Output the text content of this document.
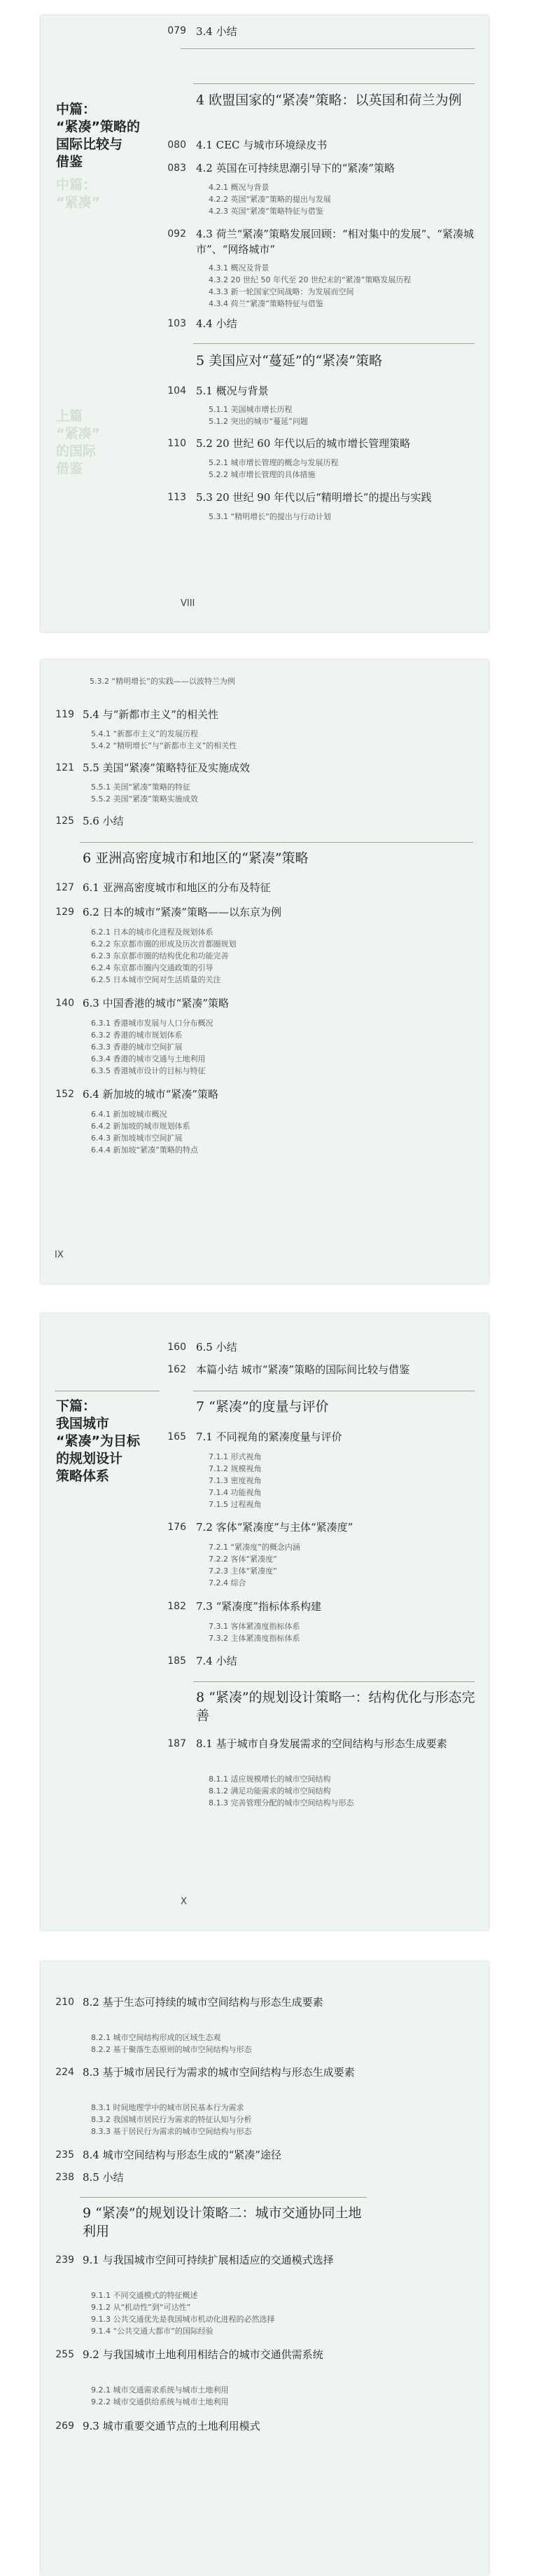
中篇：
“紧凑”
上篇
“紧凑”
的国际
借鉴
中篇：
“紧凑”策略的
国际比较与
借鉴
079 3.4 小结
4 欧盟国家的“紧凑”策略：以英国和荷兰为例
080 4.1 CEC 与城市环境绿皮书
083 4.2 英国在可持续思潮引导下的“紧凑”策略
4.2.1 概况与背景
4.2.2 英国“紧凑”策略的提出与发展
4.2.3 英国“紧凑”策略特征与借鉴
092 4.3 荷兰“紧凑”策略发展回顾：“相对集中的发展”、“紧凑城市”、“网络城市”
4.3.1 概况及背景
4.3.2 20 世纪 50 年代至 20 世纪末的“紧凑”策略发展历程
4.3.3 新一轮国家空间战略：为发展而空间
4.3.4 荷兰“紧凑”策略特征与借鉴
103 4.4 小结
5 美国应对“蔓延”的“紧凑”策略
104 5.1 概况与背景
5.1.1 美国城市增长历程
5.1.2 突出的城市“蔓延”问题
110 5.2 20 世纪 60 年代以后的城市增长管理策略
5.2.1 城市增长管理的概念与发展历程
5.2.2 城市增长管理的具体措施
113 5.3 20 世纪 90 年代以后“精明增长”的提出与实践
5.3.1 “精明增长”的提出与行动计划
VIII
5.3.2 “精明增长”的实践——以波特兰为例
119 5.4 与“新都市主义”的相关性
5.4.1 “新都市主义”的发展历程
5.4.2 “精明增长”与“新都市主义”的相关性
121 5.5 美国“紧凑”策略特征及实施成效
5.5.1 美国“紧凑”策略的特征
5.5.2 美国“紧凑”策略实施成效
125 5.6 小结
6 亚洲高密度城市和地区的“紧凑”策略
127 6.1 亚洲高密度城市和地区的分布及特征
129 6.2 日本的城市“紧凑”策略——以东京为例
6.2.1 日本的城市化进程及规划体系
6.2.2 东京都市圈的形成及历次首都圈规划
6.2.3 东京都市圈的结构优化和功能完善
6.2.4 东京都市圈内交通政策的引导
6.2.5 日本城市空间对生活质量的关注
140 6.3 中国香港的城市“紧凑”策略
6.3.1 香港城市发展与人口分布概况
6.3.2 香港的城市规划体系
6.3.3 香港的城市空间扩展
6.3.4 香港的城市交通与土地利用
6.3.5 香港城市设计的目标与特征
152 6.4 新加坡的城市“紧凑”策略
6.4.1 新加坡城市概况
6.4.2 新加坡的城市规划体系
6.4.3 新加坡城市空间扩展
6.4.4 新加坡“紧凑”策略的特点
IX
160 6.5 小结
162 本篇小结 城市“紧凑”策略的国际间比较与借鉴
下篇：
我国城市
“紧凑”为目标
的规划设计
策略体系
7 “紧凑”的度量与评价
165 7.1 不同视角的紧凑度量与评价
7.1.1 形式视角
7.1.2 规模视角
7.1.3 密度视角
7.1.4 功能视角
7.1.5 过程视角
176 7.2 客体“紧凑度”与主体“紧凑度”
7.2.1 “紧凑度”的概念内涵
7.2.2 客体“紧凑度”
7.2.3 主体“紧凑度”
7.2.4 综合
182 7.3 “紧凑度”指标体系构建
7.3.1 客体紧凑度指标体系
7.3.2 主体紧凑度指标体系
185 7.4 小结
8 “紧凑”的规划设计策略一：结构优化与形态完善
187 8.1 基于城市自身发展需求的空间结构与形态生成要素
8.1.1 适应规模增长的城市空间结构
8.1.2 满足功能需求的城市空间结构
8.1.3 完善管理分配的城市空间结构与形态
X
210 8.2 基于生态可持续的城市空间结构与形态生成要素
8.2.1 城市空间结构形成的区域生态观
8.2.2 基于聚落生态原则的城市空间结构与形态
224 8.3 基于城市居民行为需求的城市空间结构与形态生成要素
8.3.1 时间地理学中的城市居民基本行为需求
8.3.2 我国城市居民行为需求的特征认知与分析
8.3.3 基于居民行为需求的城市空间结构与形态
235 8.4 城市空间结构与形态生成的“紧凑”途径
238 8.5 小结
9 “紧凑”的规划设计策略二：城市交通协同土地利用
239 9.1 与我国城市空间可持续扩展相适应的交通模式选择
9.1.1 不同交通模式的特征概述
9.1.2 从“机动性”到“可达性”
9.1.3 公共交通优先是我国城市机动化进程的必然选择
9.1.4 “公共交通大都市”的国际经验
255 9.2 与我国城市土地利用相结合的城市交通供需系统
9.2.1 城市交通需求系统与城市土地利用
9.2.2 城市交通供给系统与城市土地利用
269 9.3 城市重要交通节点的土地利用模式
